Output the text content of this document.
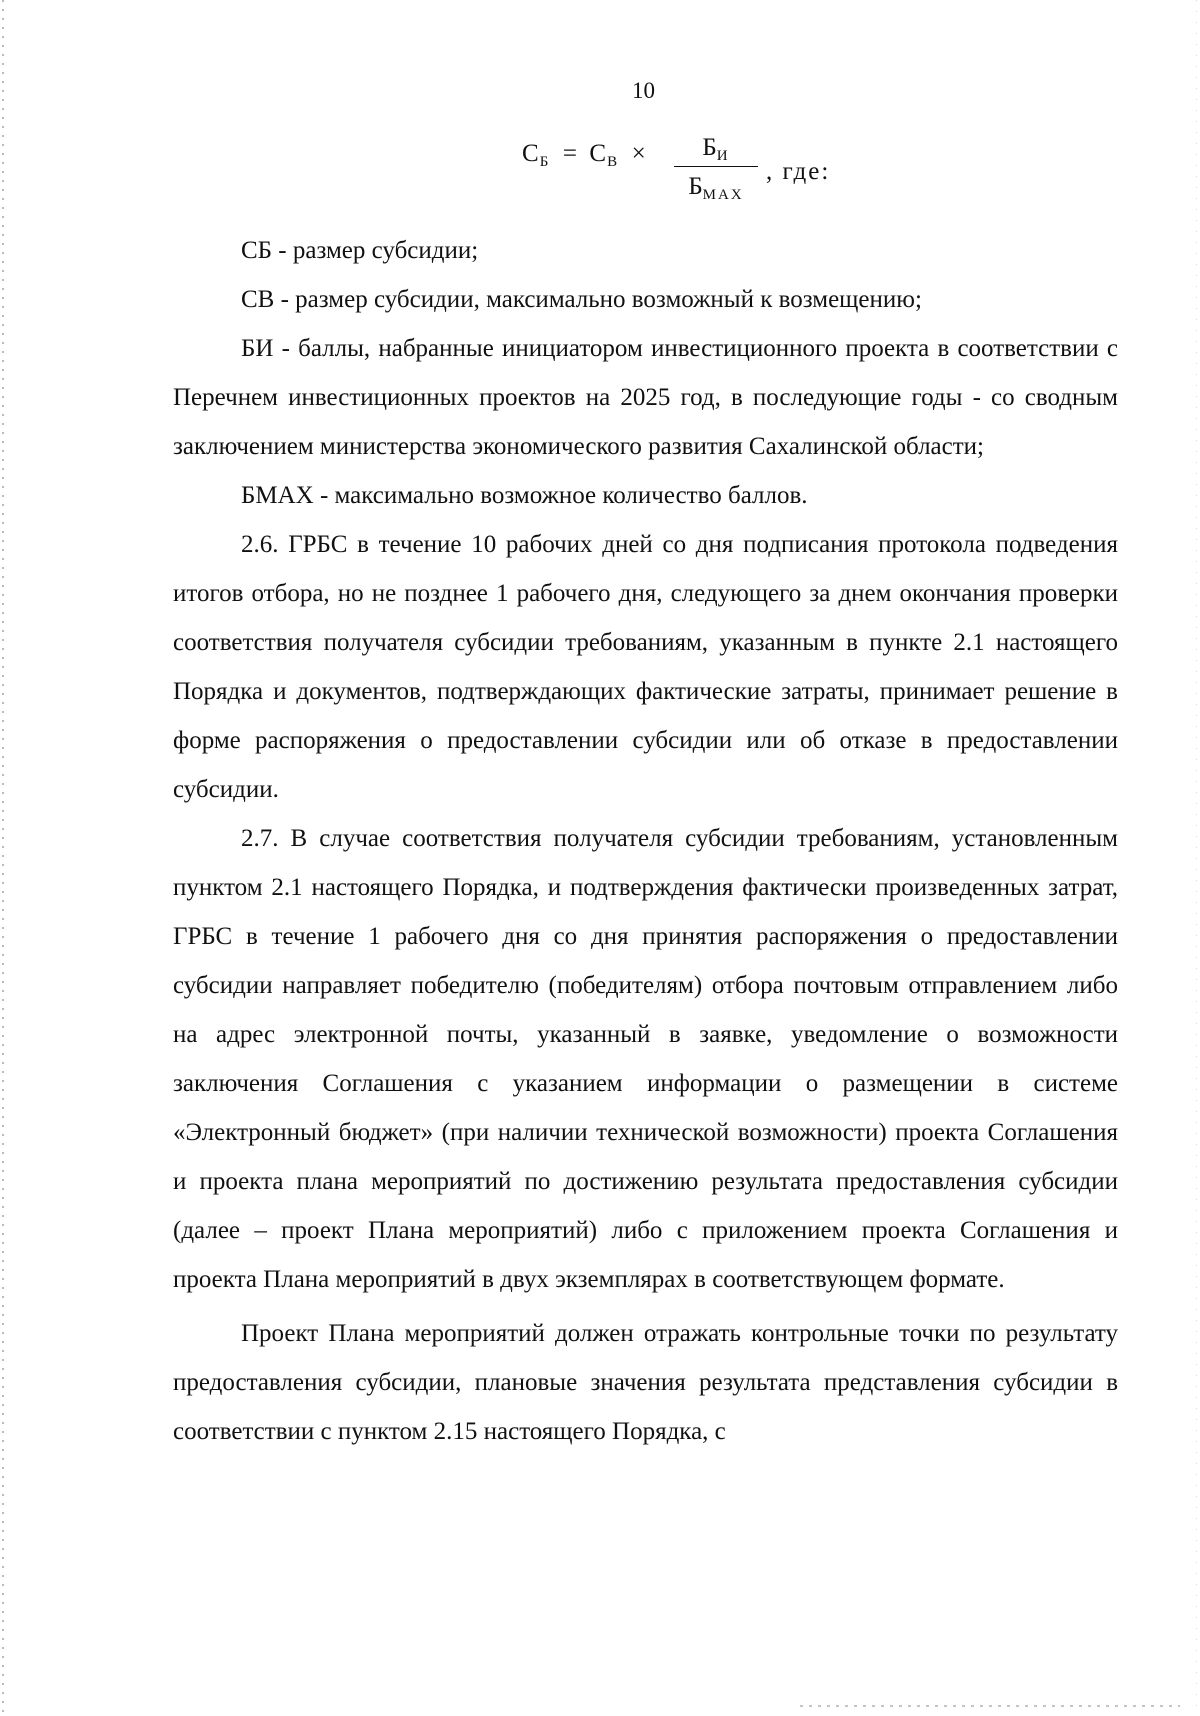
10
$С_Б = С_В$ ×	$Б_И$
$Б_{МАХ}$
, где:

СБ - размер субсидии;

СВ - размер субсидии, максимально возможный к возмещению;

БИ - баллы, набранные инициатором инвестиционного проекта в соответствии с Перечнем инвестиционных проектов на 2025 год, в последующие годы - со сводным заключением министерства экономического развития Сахалинской области;

БМАХ - максимально возможное количество баллов.

2.6. ГРБС в течение 10 рабочих дней со дня подписания протокола подведения итогов отбора, но не позднее 1 рабочего дня, следующего за днем окончания проверки соответствия получателя субсидии требованиям, указанным в пункте 2.1 настоящего Порядка и документов, подтверждающих фактические затраты, принимает решение в форме распоряжения о предоставлении субсидии или об отказе в предоставлении субсидии.

2.7. В случае соответствия получателя субсидии требованиям, установленным пунктом 2.1 настоящего Порядка, и подтверждения фактически произведенных затрат, ГРБС в течение 1 рабочего дня со дня принятия распоряжения о предоставлении субсидии направляет победителю (победителям) отбора почтовым отправлением либо на адрес электронной почты, указанный в заявке, уведомление о возможности заключения Соглашения с указанием информации о размещении в системе «Электронный бюджет» (при наличии технической возможности) проекта Соглашения и проекта плана мероприятий по достижению результата предоставления субсидии (далее – проект Плана мероприятий) либо с приложением проекта Соглашения и проекта Плана мероприятий в двух экземплярах в соответствующем формате.

Проект Плана мероприятий должен отражать контрольные точки по результату предоставления субсидии, плановые значения результата представления субсидии в соответствии с пунктом 2.15 настоящего Порядка, с
